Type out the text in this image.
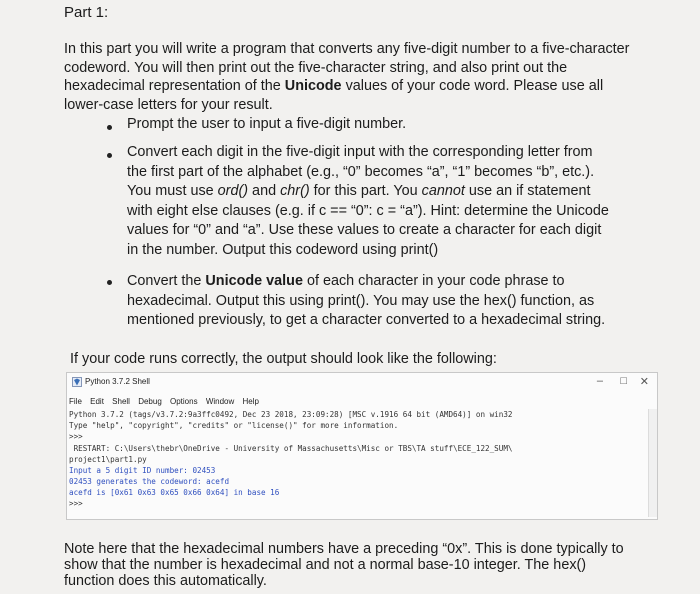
Part 1:
In this part you will write a program that converts any five-digit number to a five-character
codeword. You will then print out the five-character string, and also print out the
hexadecimal representation of the Unicode values of your code word. Please use all
lower-case letters for your result.
Prompt the user to input a five-digit number.
Convert each digit in the five-digit input with the corresponding letter from
the first part of the alphabet (e.g., “0” becomes “a”, “1” becomes “b”, etc.).
You must use ord() and chr() for this part. You cannot use an if statement
with eight else clauses (e.g. if c == “0”: c = “a”). Hint: determine the Unicode
values for “0” and “a”. Use these values to create a character for each digit
in the number. Output this codeword using print()
Convert the Unicode value of each character in your code phrase to
hexadecimal. Output this using print(). You may use the hex() function, as
mentioned previously, to get a character converted to a hexadecimal string.
If your code runs correctly, the output should look like the following:
Python 3.7.2 Shell	– □ ✕
File Edit Shell Debug Options Window Help
Python 3.7.2 (tags/v3.7.2:9a3ffc0492, Dec 23 2018, 23:09:28) [MSC v.1916 64 bit (AMD64)] on win32
Type "help", "copyright", "credits" or "license()" for more information.
>>>
RESTART: C:\Users\thebr\OneDrive - University of Massachusetts\Misc or TBS\TA stuff\ECE_122_SUM\
project1\part1.py
Input a 5 digit ID number: 02453
02453 generates the codeword: acefd
acefd is [0x61 0x63 0x65 0x66 0x64] in base 16
>>>
Note here that the hexadecimal numbers have a preceding “0x”. This is done typically to
show that the number is hexadecimal and not a normal base-10 integer. The hex()
function does this automatically.
